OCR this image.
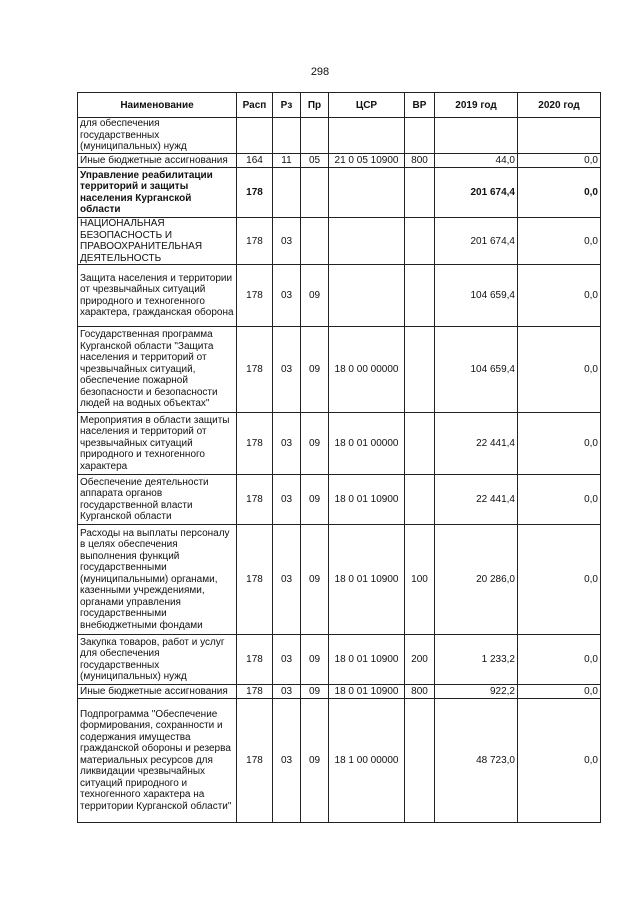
298
Наименование	Расп	Рз	Пр	ЦСР	ВР	2019 год	2020 год
для обеспечения государственных (муниципальных) нужд							
Иные бюджетные ассигнования	164	11	05	21 0 05 10900	800	44,0	0,0
Управление реабилитации территорий и защиты населения Курганской области	178					201 674,4	0,0
НАЦИОНАЛЬНАЯ БЕЗОПАСНОСТЬ И ПРАВООХРАНИТЕЛЬНАЯ ДЕЯТЕЛЬНОСТЬ	178	03				201 674,4	0,0
Защита населения и территории от чрезвычайных ситуаций природного и техногенного характера, гражданская оборона	178	03	09			104 659,4	0,0
Государственная программа Курганской области "Защита населения и территорий от чрезвычайных ситуаций, обеспечение пожарной безопасности и безопасности людей на водных объектах"	178	03	09	18 0 00 00000		104 659,4	0,0
Мероприятия в области защиты населения и территорий от чрезвычайных ситуаций природного и техногенного характера	178	03	09	18 0 01 00000		22 441,4	0,0
Обеспечение деятельности аппарата органов государственной власти Курганской области	178	03	09	18 0 01 10900		22 441,4	0,0
Расходы на выплаты персоналу в целях обеспечения выполнения функций государственными (муниципальными) органами, казенными учреждениями, органами управления государственными внебюджетными фондами	178	03	09	18 0 01 10900	100	20 286,0	0,0
Закупка товаров, работ и услуг для обеспечения государственных (муниципальных) нужд	178	03	09	18 0 01 10900	200	1 233,2	0,0
Иные бюджетные ассигнования	178	03	09	18 0 01 10900	800	922,2	0,0
Подпрограмма "Обеспечение формирования, сохранности и содержания имущества гражданской обороны и резерва материальных ресурсов для ликвидации чрезвычайных ситуаций природного и техногенного характера на территории Курганской области"	178	03	09	18 1 00 00000		48 723,0	0,0
